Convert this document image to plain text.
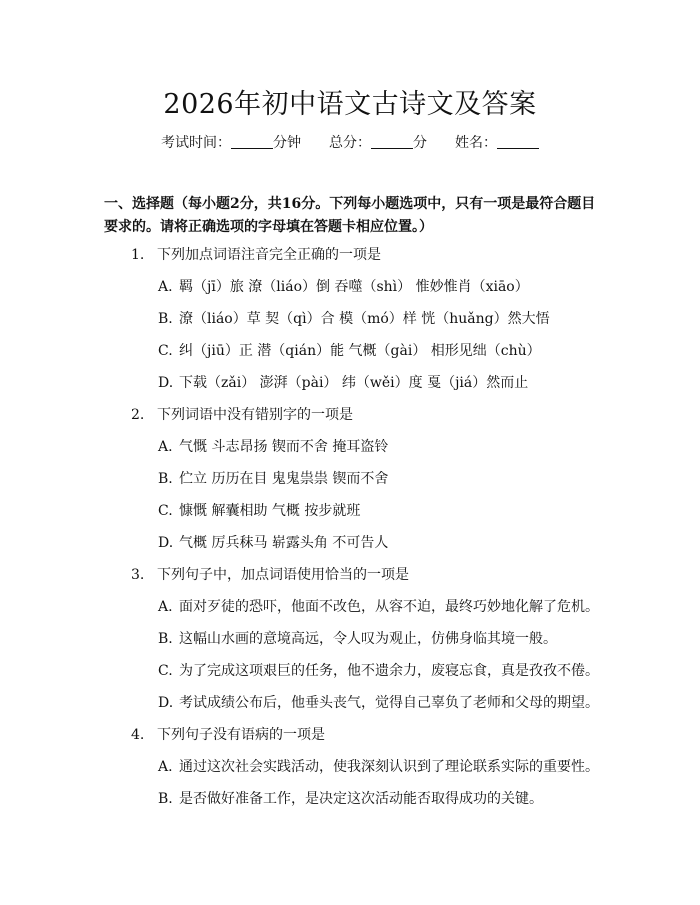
2026年初中语文古诗文及答案
考试时间：	分钟 总分：	分 姓名：
一、选择题（每小题2分，共16分。下列每小题选项中，只有一项是最符合题目要求的。请将正确选项的字母填在答题卡相应位置。）
1. 下列加点词语注音完全正确的一项是
A. 羁（jī）旅 潦（liáo）倒 吞噬（shì） 惟妙惟肖（xiāo）
B. 潦（liáo）草 契（qì）合 模（mó）样 恍（huǎng）然大悟
C. 纠（jiū）正 潜（qián）能 气概（gài） 相形见绌（chù）
D. 下载（zǎi） 澎湃（pài） 纬（wěi）度 戛（jiá）然而止
2. 下列词语中没有错别字的一项是
A. 气慨 斗志昂扬 锲而不舍 掩耳盗铃
B. 伫立 历历在目 鬼鬼祟祟 锲而不舍
C. 慷慨 解囊相助 气概 按步就班
D. 气概 厉兵秣马 崭露头角 不可告人
3. 下列句子中，加点词语使用恰当的一项是
A. 面对歹徒的恐吓，他面不改色，从容不迫，最终巧妙地化解了危机。
B. 这幅山水画的意境高远，令人叹为观止，仿佛身临其境一般。
C. 为了完成这项艰巨的任务，他不遗余力，废寝忘食，真是孜孜不倦。
D. 考试成绩公布后，他垂头丧气，觉得自己辜负了老师和父母的期望。
4. 下列句子没有语病的一项是
A. 通过这次社会实践活动，使我深刻认识到了理论联系实际的重要性。
B. 是否做好准备工作，是决定这次活动能否取得成功的关键。
